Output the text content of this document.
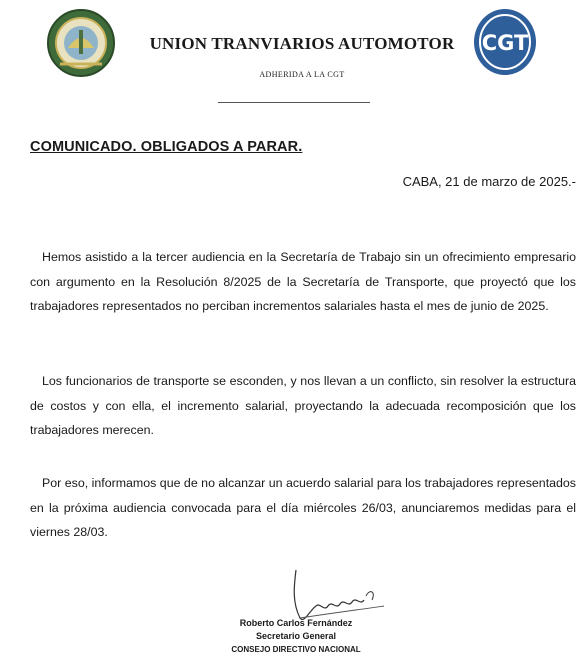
UNION TRANVIARIOS AUTOMOTOR
ADHERIDA A LA CGT
CGT
COMUNICADO. OBLIGADOS A PARAR.
CABA, 21 de marzo de 2025.-

Hemos asistido a la tercer audiencia en la Secretaría de Trabajo sin un ofrecimiento empresario con argumento en la Resolución 8/2025 de la Secretaría de Transporte, que proyectó que los trabajadores representados no perciban incrementos salariales hasta el mes de junio de 2025.

Los funcionarios de transporte se esconden, y nos llevan a un conflicto, sin resolver la estructura de costos y con ella, el incremento salarial, proyectando la adecuada recomposición que los trabajadores merecen.

Por eso, informamos que de no alcanzar un acuerdo salarial para los trabajadores representados en la próxima audiencia convocada para el día miércoles 26/03, anunciaremos medidas para el viernes 28/03.

Roberto Carlos Fernández
Secretario General
CONSEJO DIRECTIVO NACIONAL
